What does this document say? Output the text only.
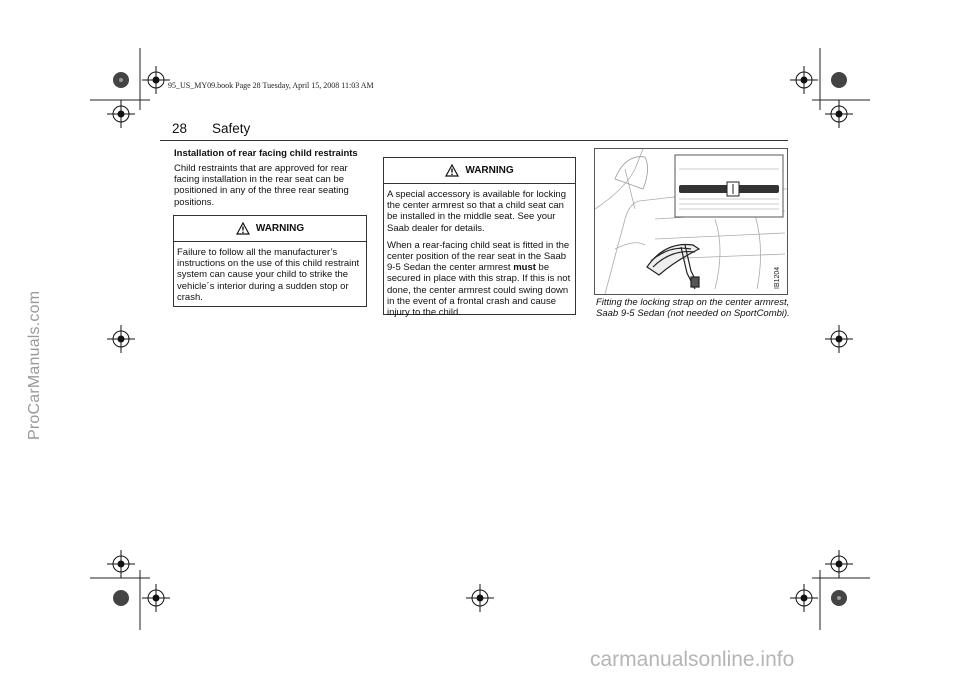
95_US_MY09.book Page 28 Tuesday, April 15, 2008 11:03 AM
ProCarManuals.com
carmanualsonline.info
28 Safety
Installation of rear facing child restraints
Child restraints that are approved for rear facing installation in the rear seat can be positioned in any of the three rear seating positions.
WARNING

Failure to follow all the manufacturer’s instructions on the use of this child restraint system can cause your child to strike the vehicle´s interior during a sudden stop or crash.

WARNING

A special accessory is available for locking the center armrest so that a child seat can be installed in the middle seat. See your Saab dealer for details.

When a rear-facing child seat is fitted in the center position of the rear seat in the Saab 9-5 Sedan the center armrest must be secured in place with this strap. If this is not done, the center armrest could swing down in the event of a frontal crash and cause injury to the child.

IB1204
Fitting the locking strap on the center armrest, Saab 9-5 Sedan (not needed on SportCombi).
